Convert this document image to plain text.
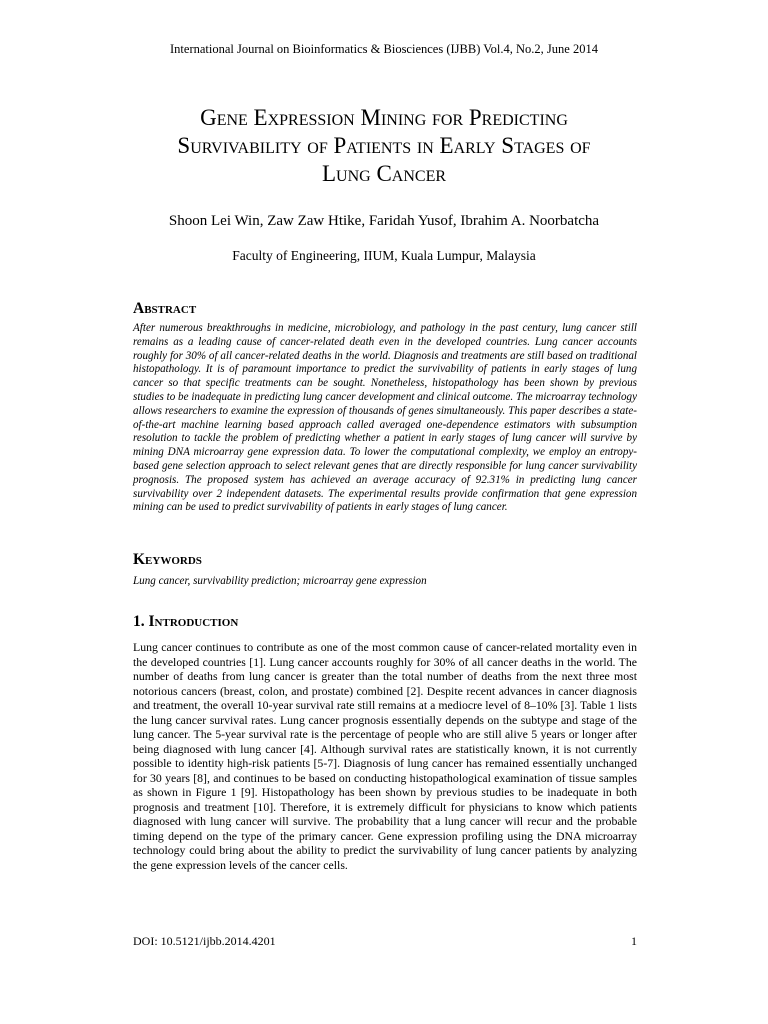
International Journal on Bioinformatics & Biosciences (IJBB) Vol.4, No.2, June 2014
Gene Expression Mining for Predicting
Survivability of Patients in Early Stages of
Lung Cancer
Shoon Lei Win, Zaw Zaw Htike, Faridah Yusof, Ibrahim A. Noorbatcha
Faculty of Engineering, IIUM, Kuala Lumpur, Malaysia
Abstract

After numerous breakthroughs in medicine, microbiology, and pathology in the past century, lung cancer still remains as a leading cause of cancer-related death even in the developed countries. Lung cancer accounts roughly for 30% of all cancer-related deaths in the world. Diagnosis and treatments are still based on traditional histopathology. It is of paramount importance to predict the survivability of patients in early stages of lung cancer so that specific treatments can be sought. Nonetheless, histopathology has been shown by previous studies to be inadequate in predicting lung cancer development and clinical outcome. The microarray technology allows researchers to examine the expression of thousands of genes simultaneously. This paper describes a state-of-the-art machine learning based approach called averaged one-dependence estimators with subsumption resolution to tackle the problem of predicting whether a patient in early stages of lung cancer will survive by mining DNA microarray gene expression data. To lower the computational complexity, we employ an entropy-based gene selection approach to select relevant genes that are directly responsible for lung cancer survivability prognosis. The proposed system has achieved an average accuracy of 92.31% in predicting lung cancer survivability over 2 independent datasets. The experimental results provide confirmation that gene expression mining can be used to predict survivability of patients in early stages of lung cancer.

Keywords

Lung cancer, survivability prediction; microarray gene expression

1. Introduction

Lung cancer continues to contribute as one of the most common cause of cancer-related mortality even in the developed countries [1]. Lung cancer accounts roughly for 30% of all cancer deaths in the world. The number of deaths from lung cancer is greater than the total number of deaths from the next three most notorious cancers (breast, colon, and prostate) combined [2]. Despite recent advances in cancer diagnosis and treatment, the overall 10-year survival rate still remains at a mediocre level of 8–10% [3]. Table 1 lists the lung cancer survival rates. Lung cancer prognosis essentially depends on the subtype and stage of the lung cancer. The 5-year survival rate is the percentage of people who are still alive 5 years or longer after being diagnosed with lung cancer [4]. Although survival rates are statistically known, it is not currently possible to identity high-risk patients [5-7]. Diagnosis of lung cancer has remained essentially unchanged for 30 years [8], and continues to be based on conducting histopathological examination of tissue samples as shown in Figure 1 [9]. Histopathology has been shown by previous studies to be inadequate in both prognosis and treatment [10]. Therefore, it is extremely difficult for physicians to know which patients diagnosed with lung cancer will survive. The probability that a lung cancer will recur and the probable timing depend on the type of the primary cancer. Gene expression profiling using the DNA microarray technology could bring about the ability to predict the survivability of lung cancer patients by analyzing the gene expression levels of the cancer cells.

DOI: 10.5121/ijbb.2014.4201	1
